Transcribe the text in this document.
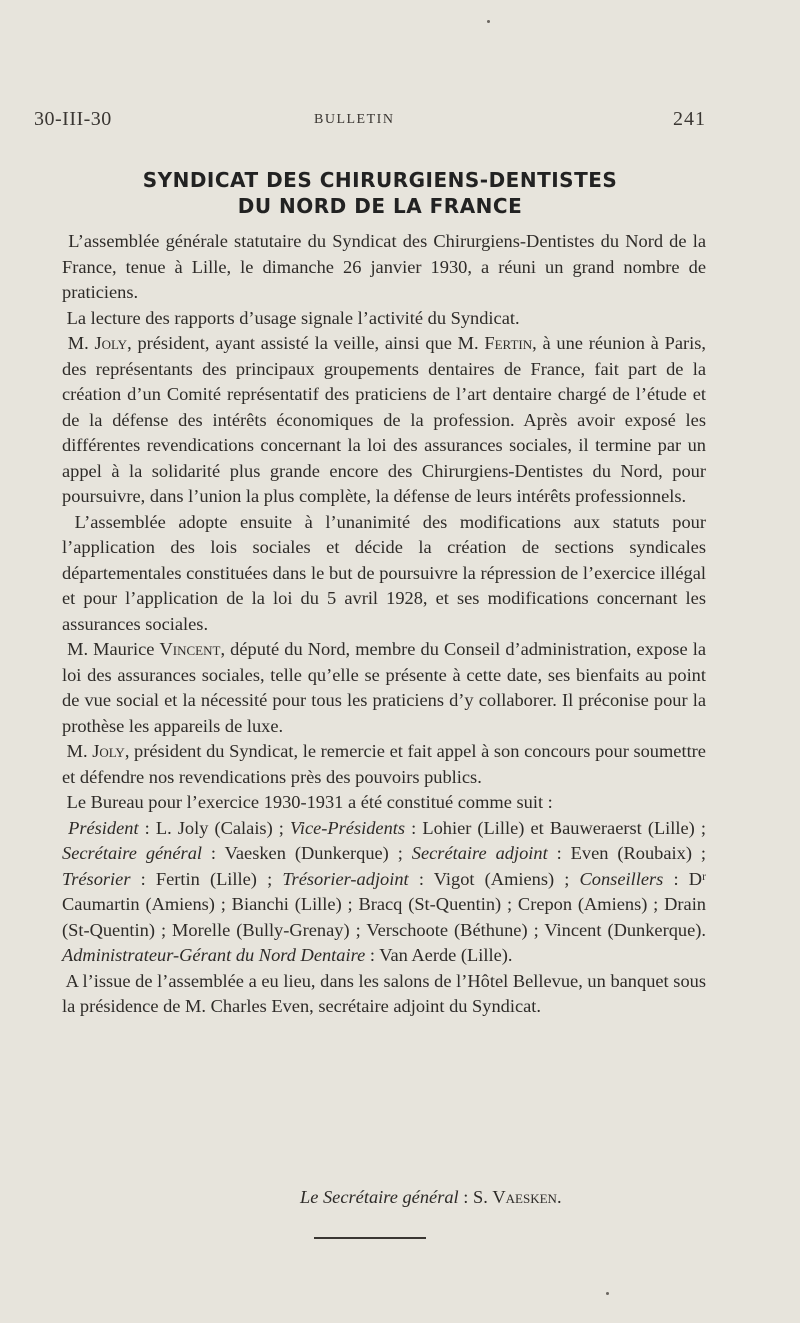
30-III-30	BULLETIN	241
SYNDICAT DES CHIRURGIENS-DENTISTES
DU NORD DE LA FRANCE

L’assemblée générale statutaire du Syndicat des Chirurgiens-Dentistes du Nord de la France, tenue à Lille, le dimanche 26 janvier 1930, a réuni un grand nombre de praticiens.

La lecture des rapports d’usage signale l’activité du Syndicat.

M. Joly, président, ayant assisté la veille, ainsi que M. Fertin, à une réunion à Paris, des représentants des principaux groupements dentaires de France, fait part de la création d’un Comité représentatif des praticiens de l’art dentaire chargé de l’étude et de la défense des intérêts économiques de la profession. Après avoir exposé les différentes revendications concernant la loi des assurances sociales, il termine par un appel à la solidarité plus grande encore des Chirurgiens-Dentistes du Nord, pour poursuivre, dans l’union la plus complète, la défense de leurs intérêts professionnels.

L’assemblée adopte ensuite à l’unanimité des modifications aux statuts pour l’application des lois sociales et décide la création de sections syndicales départementales constituées dans le but de poursuivre la répression de l’exercice illégal et pour l’application de la loi du 5 avril 1928, et ses modifications concernant les assurances sociales.

M. Maurice Vincent, député du Nord, membre du Conseil d’administration, expose la loi des assurances sociales, telle qu’elle se présente à cette date, ses bienfaits au point de vue social et la nécessité pour tous les praticiens d’y collaborer. Il préconise pour la prothèse les appareils de luxe.

M. Joly, président du Syndicat, le remercie et fait appel à son concours pour soumettre et défendre nos revendications près des pouvoirs publics.

Le Bureau pour l’exercice 1930-1931 a été constitué comme suit :

Président : L. Joly (Calais) ; Vice-Présidents : Lohier (Lille) et Bauweraerst (Lille) ; Secrétaire général : Vaesken (Dunkerque) ; Secrétaire adjoint : Even (Roubaix) ; Trésorier : Fertin (Lille) ; Trésorier-adjoint : Vigot (Amiens) ; Conseillers : Dʳ Caumartin (Amiens) ; Bianchi (Lille) ; Bracq (St-Quentin) ; Crepon (Amiens) ; Drain (St-Quentin) ; Morelle (Bully-Grenay) ; Verschoote (Béthune) ; Vincent (Dunkerque). Administrateur-Gérant du Nord Dentaire : Van Aerde (Lille).

A l’issue de l’assemblée a eu lieu, dans les salons de l’Hôtel Bellevue, un banquet sous la présidence de M. Charles Even, secrétaire adjoint du Syndicat.

Le Secrétaire général : S. Vaesken.
